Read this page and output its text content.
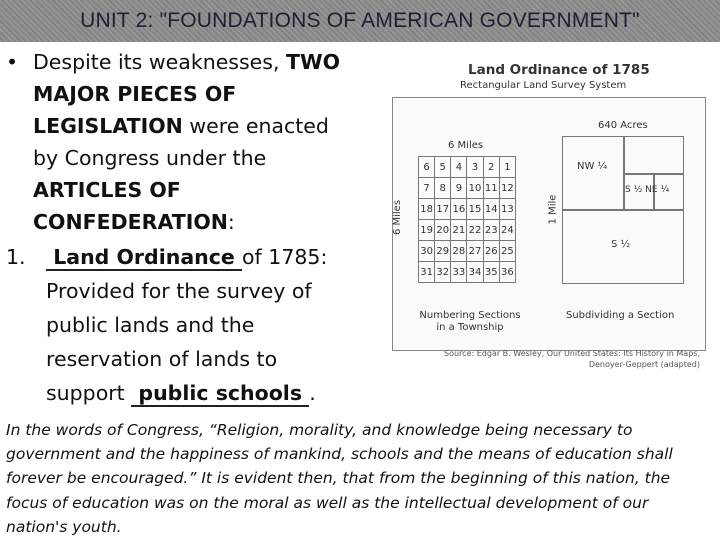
UNIT 2: "FOUNDATIONS OF AMERICAN GOVERNMENT"
• Despite its weaknesses, TWO
MAJOR PIECES OF
LEGISLATION were enacted
by Congress under the
ARTICLES OF
CONFEDERATION:
1.	Land Ordinance of 1785:
Provided for the survey of
public lands and the
reservation of lands to
support public schools .
Land Ordinance of 1785
Rectangular Land Survey System
6 Miles
6 Miles	1 Mile
640 Acres
6	5	4	3	2	1
7	8	9	10	11	12
18	17	16	15	14	13
19	20	21	22	23	24
30	29	28	27	26	25
31	32	33	34	35	36
NW ¼
S ½ NE ¼
S ½
Numbering Sections
in a Township
Subdividing a Section
Source: Edgar B. Wesley, Our United States: Its History in Maps,
Denoyer-Geppert (adapted)
In the words of Congress, “Religion, morality, and knowledge being necessary to government and the happiness of mankind, schools and the means of education shall forever be encouraged.” It is evident then, that from the beginning of this nation, the focus of education was on the moral as well as the intellectual development of our nation's youth.
